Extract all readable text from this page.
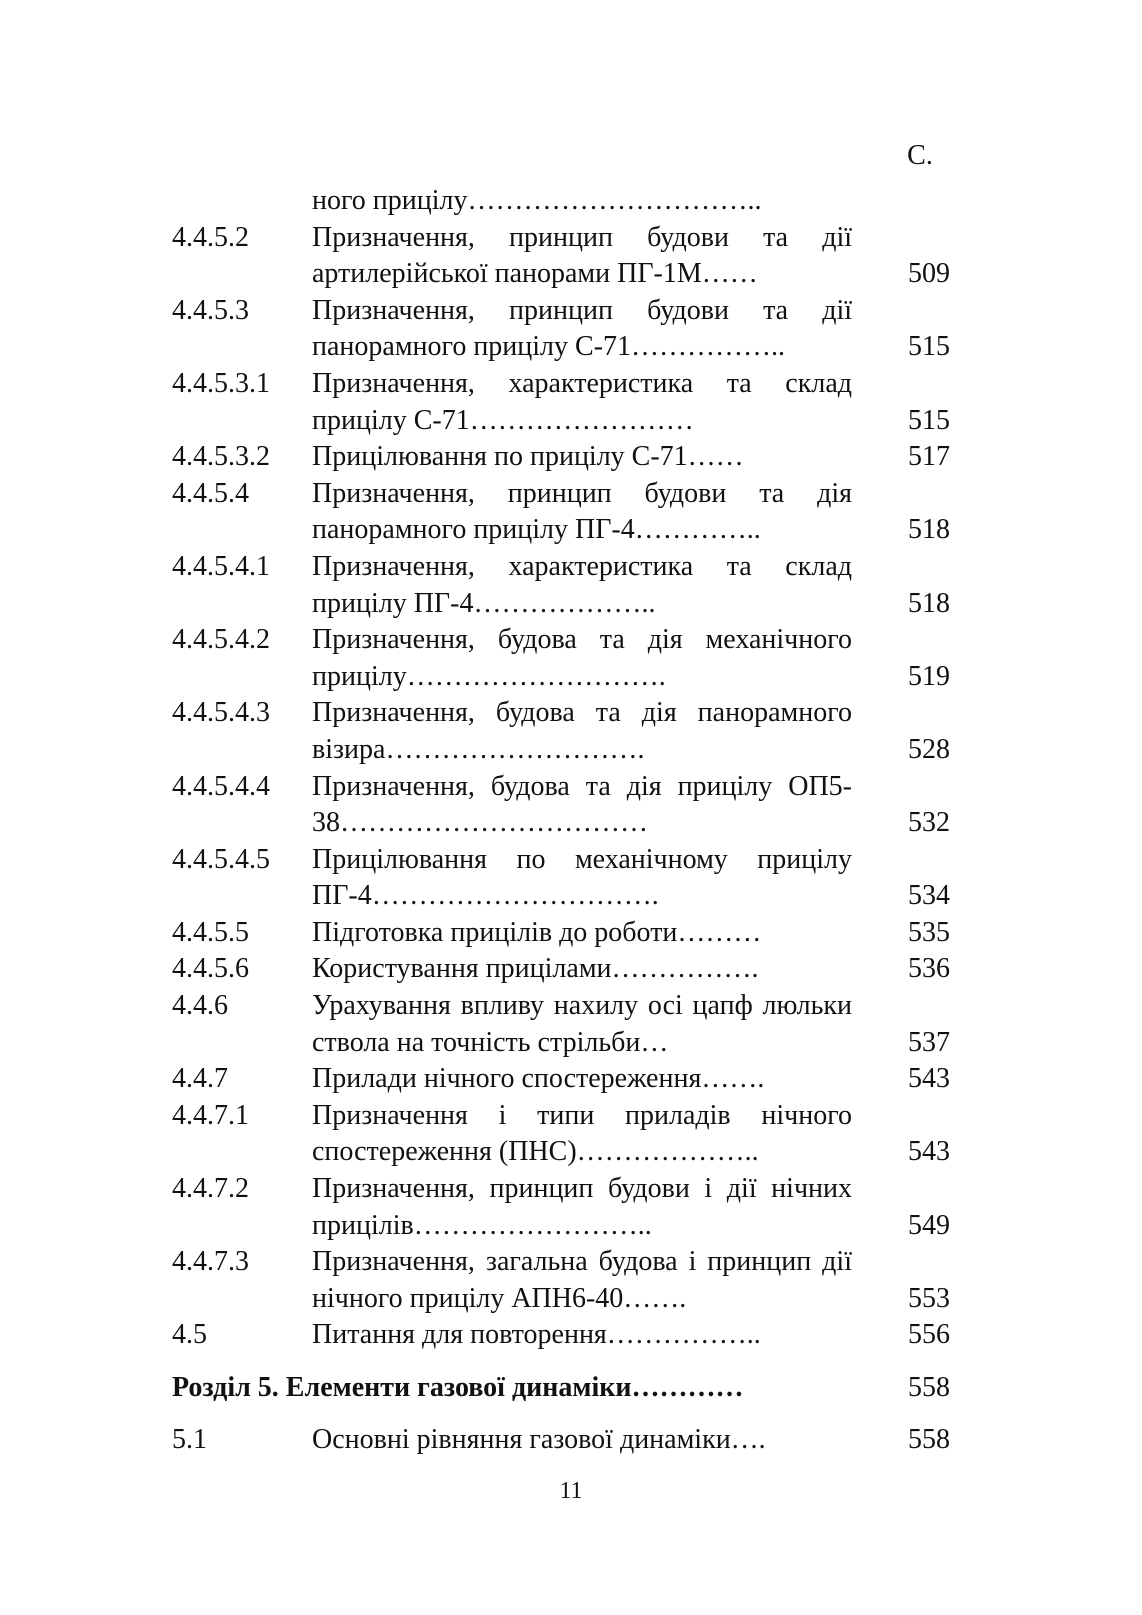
С.
ного прицілу…………………………..
4.4.5.2	Призначення, принцип будови та дії артилерійської панорами ПГ-1М……	509
4.4.5.3	Призначення, принцип будови та дії панорамного прицілу С-71……………..	515
4.4.5.3.1	Призначення, характеристика та склад прицілу С-71……………………	515
4.4.5.3.2	Прицілювання по прицілу С-71……	517
4.4.5.4	Призначення, принцип будови та дія панорамного прицілу ПГ-4…………..	518
4.4.5.4.1	Призначення, характеристика та склад прицілу ПГ-4………………..	518
4.4.5.4.2	Призначення, будова та дія механічного прицілу……………………….	519
4.4.5.4.3	Призначення, будова та дія панорамного візира……………………….	528
4.4.5.4.4	Призначення, будова та дія прицілу ОП5-38……………………………	532
4.4.5.4.5	Прицілювання по механічному прицілу ПГ-4………………………….	534
4.4.5.5	Підготовка прицілів до роботи………	535
4.4.5.6	Користування прицілами…………….	536
4.4.6	Урахування впливу нахилу осі цапф люльки ствола на точність стрільби…	537
4.4.7	Прилади нічного спостереження…….	543
4.4.7.1	Призначення і типи приладів нічного спостереження (ПНС)………………..	543
4.4.7.2	Призначення, принцип будови і дії нічних прицілів……………………..	549
4.4.7.3	Призначення, загальна будова і принцип дії нічного прицілу АПН6-40…….	553
4.5	Питання для повторення……………..	556
Розділ 5. Елементи газової динаміки…………	558
5.1	Основні рівняння газової динаміки….	558
11
